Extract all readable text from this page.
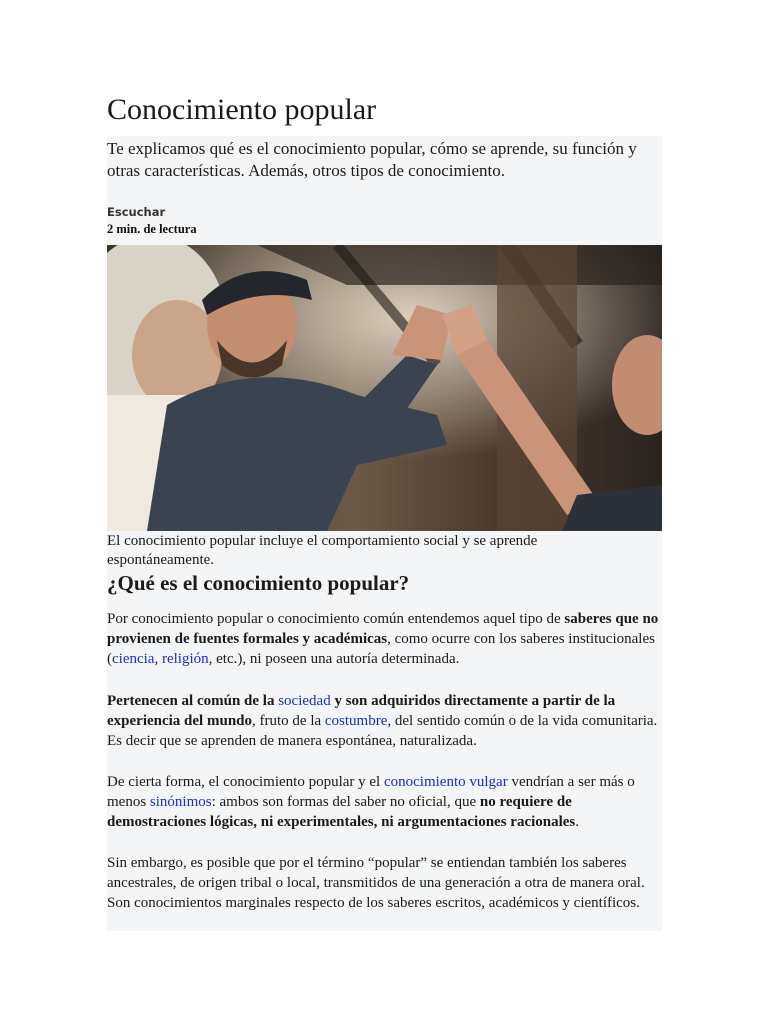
Conocimiento popular

Te explicamos qué es el conocimiento popular, cómo se aprende, su función y otras características. Además, otros tipos de conocimiento.

Escuchar

2 min. de lectura

El conocimiento popular incluye el comportamiento social y se aprende espontáneamente.

¿Qué es el conocimiento popular?

Por conocimiento popular o conocimiento común entendemos aquel tipo de saberes que no provienen de fuentes formales y académicas, como ocurre con los saberes institucionales (ciencia, religión, etc.), ni poseen una autoría determinada.

Pertenecen al común de la sociedad y son adquiridos directamente a partir de la experiencia del mundo, fruto de la costumbre, del sentido común o de la vida comunitaria. Es decir que se aprenden de manera espontánea, naturalizada.

De cierta forma, el conocimiento popular y el conocimiento vulgar vendrían a ser más o menos sinónimos: ambos son formas del saber no oficial, que no requiere de demostraciones lógicas, ni experimentales, ni argumentaciones racionales.

Sin embargo, es posible que por el término “popular” se entiendan también los saberes ancestrales, de origen tribal o local, transmitidos de una generación a otra de manera oral. Son conocimientos marginales respecto de los saberes escritos, académicos y científicos.
